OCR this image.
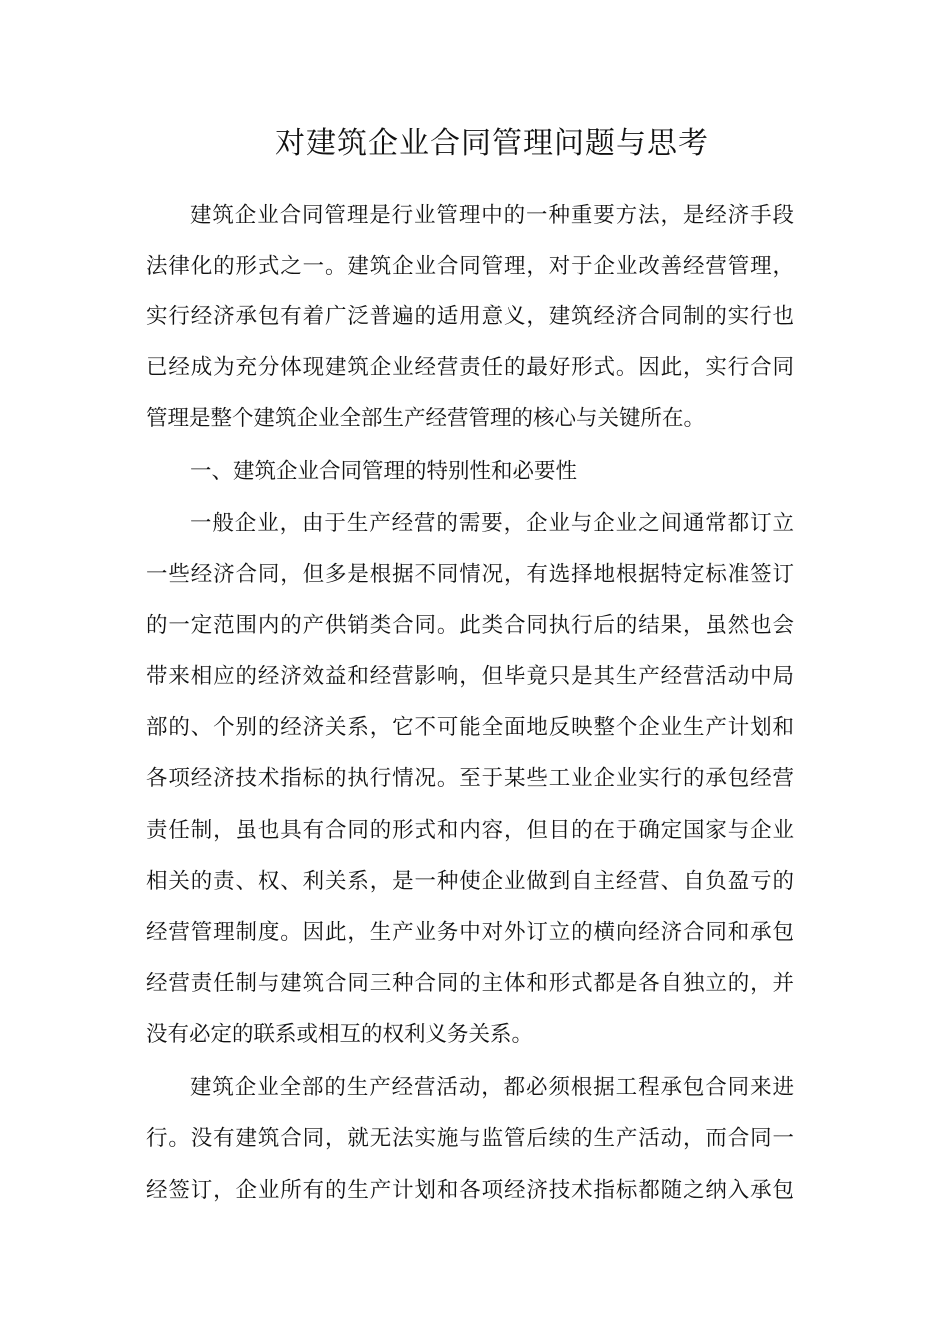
对建筑企业合同管理问题与思考
建筑企业合同管理是行业管理中的一种重要方法，是经济手段
法律化的形式之一。建筑企业合同管理，对于企业改善经营管理，
实行经济承包有着广泛普遍的适用意义，建筑经济合同制的实行也
已经成为充分体现建筑企业经营责任的最好形式。因此，实行合同
管理是整个建筑企业全部生产经营管理的核心与关键所在。
一、建筑企业合同管理的特别性和必要性
一般企业，由于生产经营的需要，企业与企业之间通常都订立
一些经济合同，但多是根据不同情况，有选择地根据特定标准签订
的一定范围内的产供销类合同。此类合同执行后的结果，虽然也会
带来相应的经济效益和经营影响，但毕竟只是其生产经营活动中局
部的、个别的经济关系，它不可能全面地反映整个企业生产计划和
各项经济技术指标的执行情况。至于某些工业企业实行的承包经营
责任制，虽也具有合同的形式和内容，但目的在于确定国家与企业
相关的责、权、利关系，是一种使企业做到自主经营、自负盈亏的
经营管理制度。因此，生产业务中对外订立的横向经济合同和承包
经营责任制与建筑合同三种合同的主体和形式都是各自独立的，并
没有必定的联系或相互的权利义务关系。
建筑企业全部的生产经营活动，都必须根据工程承包合同来进
行。没有建筑合同，就无法实施与监管后续的生产活动，而合同一
经签订，企业所有的生产计划和各项经济技术指标都随之纳入承包
